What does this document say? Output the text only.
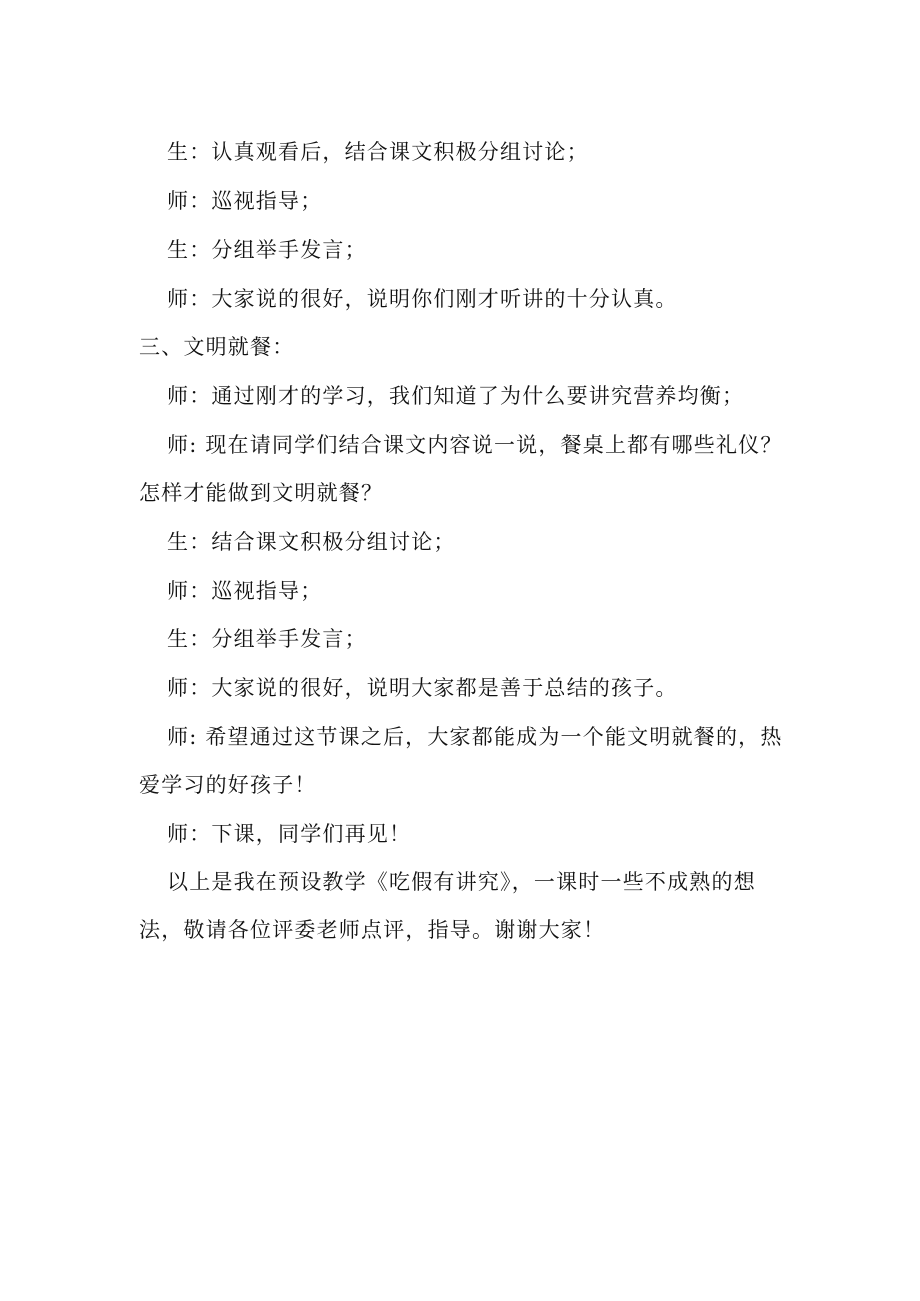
生：认真观看后，结合课文积极分组讨论；

师：巡视指导；

生：分组举手发言；

师：大家说的很好，说明你们刚才听讲的十分认真。

三、文明就餐：

师：通过刚才的学习，我们知道了为什么要讲究营养均衡；

师: 现在请同学们结合课文内容说一说，餐桌上都有哪些礼仪？怎样才能做到文明就餐？

生：结合课文积极分组讨论；

师：巡视指导；

生：分组举手发言；

师：大家说的很好，说明大家都是善于总结的孩子。

师: 希望通过这节课之后，大家都能成为一个能文明就餐的，热爱学习的好孩子！

师：下课，同学们再见！

以上是我在预设教学《吃假有讲究》，一课时一些不成熟的想法，敬请各位评委老师点评，指导。谢谢大家！
